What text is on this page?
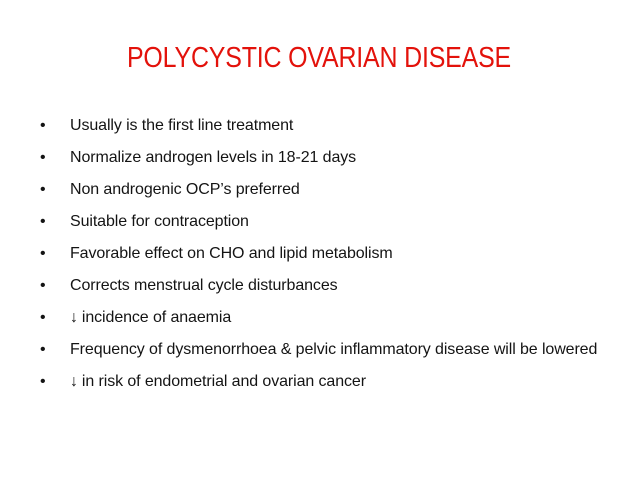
POLYCYSTIC OVARIAN DISEASE
•	Usually is the first line treatment
•	Normalize androgen levels in 18-21 days
•	Non androgenic OCP’s preferred
•	Suitable for contraception
•	Favorable effect on CHO and lipid metabolism
•	Corrects menstrual cycle disturbances
•	↓ incidence of anaemia
•	Frequency of dysmenorrhoea & pelvic inflammatory disease will be lowered
•	↓ in risk of endometrial and ovarian cancer
